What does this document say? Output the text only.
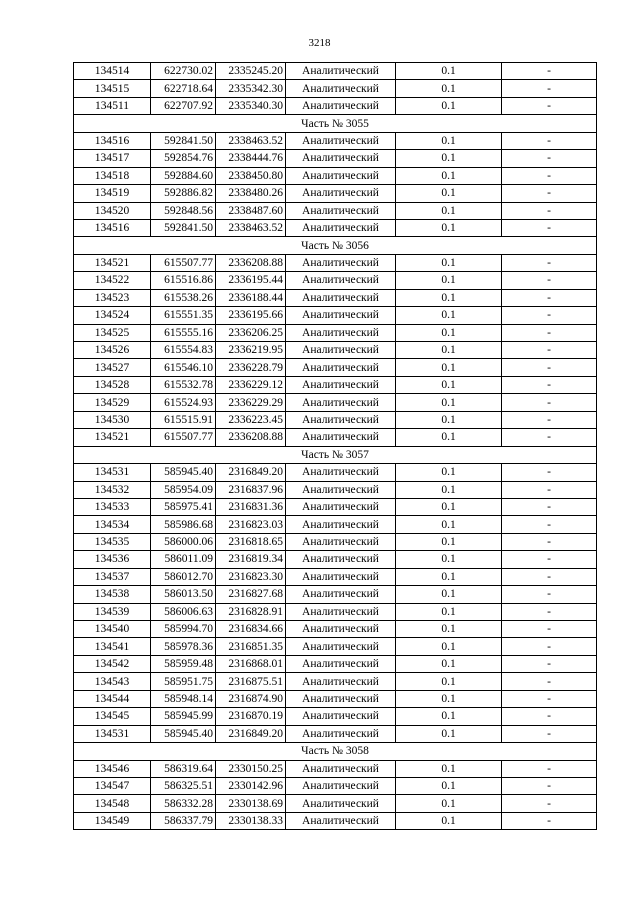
3218
134514	622730.02	2335245.20	Аналитический	0.1	-
134515	622718.64	2335342.30	Аналитический	0.1	-
134511	622707.92	2335340.30	Аналитический	0.1	-
Часть № 3055					
134516	592841.50	2338463.52	Аналитический	0.1	-
134517	592854.76	2338444.76	Аналитический	0.1	-
134518	592884.60	2338450.80	Аналитический	0.1	-
134519	592886.82	2338480.26	Аналитический	0.1	-
134520	592848.56	2338487.60	Аналитический	0.1	-
134516	592841.50	2338463.52	Аналитический	0.1	-
Часть № 3056					
134521	615507.77	2336208.88	Аналитический	0.1	-
134522	615516.86	2336195.44	Аналитический	0.1	-
134523	615538.26	2336188.44	Аналитический	0.1	-
134524	615551.35	2336195.66	Аналитический	0.1	-
134525	615555.16	2336206.25	Аналитический	0.1	-
134526	615554.83	2336219.95	Аналитический	0.1	-
134527	615546.10	2336228.79	Аналитический	0.1	-
134528	615532.78	2336229.12	Аналитический	0.1	-
134529	615524.93	2336229.29	Аналитический	0.1	-
134530	615515.91	2336223.45	Аналитический	0.1	-
134521	615507.77	2336208.88	Аналитический	0.1	-
Часть № 3057					
134531	585945.40	2316849.20	Аналитический	0.1	-
134532	585954.09	2316837.96	Аналитический	0.1	-
134533	585975.41	2316831.36	Аналитический	0.1	-
134534	585986.68	2316823.03	Аналитический	0.1	-
134535	586000.06	2316818.65	Аналитический	0.1	-
134536	586011.09	2316819.34	Аналитический	0.1	-
134537	586012.70	2316823.30	Аналитический	0.1	-
134538	586013.50	2316827.68	Аналитический	0.1	-
134539	586006.63	2316828.91	Аналитический	0.1	-
134540	585994.70	2316834.66	Аналитический	0.1	-
134541	585978.36	2316851.35	Аналитический	0.1	-
134542	585959.48	2316868.01	Аналитический	0.1	-
134543	585951.75	2316875.51	Аналитический	0.1	-
134544	585948.14	2316874.90	Аналитический	0.1	-
134545	585945.99	2316870.19	Аналитический	0.1	-
134531	585945.40	2316849.20	Аналитический	0.1	-
Часть № 3058					
134546	586319.64	2330150.25	Аналитический	0.1	-
134547	586325.51	2330142.96	Аналитический	0.1	-
134548	586332.28	2330138.69	Аналитический	0.1	-
134549	586337.79	2330138.33	Аналитический	0.1	-
